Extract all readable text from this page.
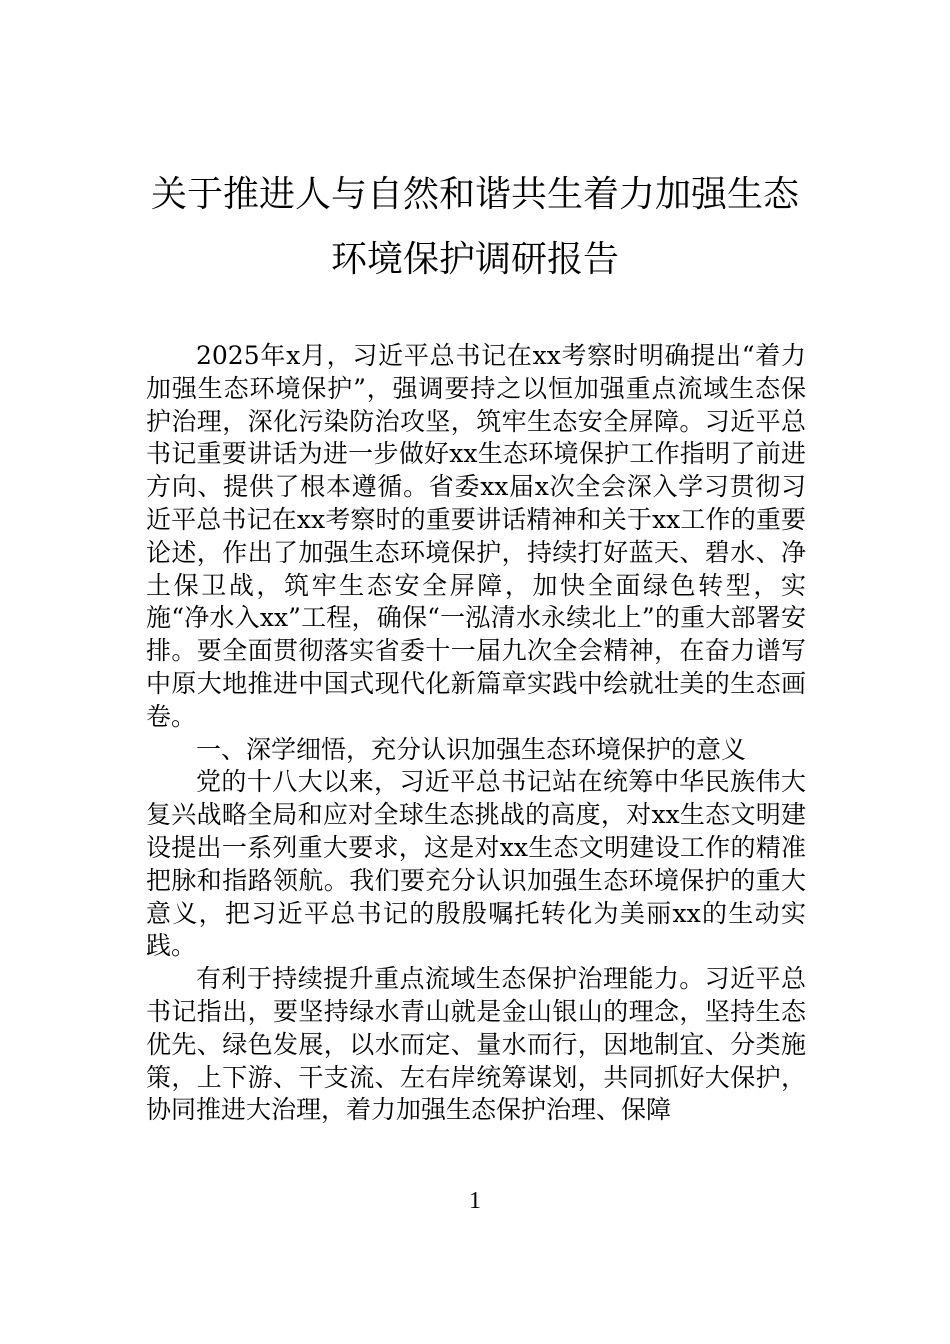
关于推进人与自然和谐共生着力加强生态
环境保护调研报告

2025年x月，习近平总书记在xx考察时明确提出“着力加强生态环境保护”，强调要持之以恒加强重点流域生态保护治理，深化污染防治攻坚，筑牢生态安全屏障。习近平总书记重要讲话为进一步做好xx生态环境保护工作指明了前进方向、提供了根本遵循。省委xx届x次全会深入学习贯彻习近平总书记在xx考察时的重要讲话精神和关于xx工作的重要论述，作出了加强生态环境保护，持续打好蓝天、碧水、净土保卫战，筑牢生态安全屏障，加快全面绿色转型，实施“净水入xx”工程，确保“一泓清水永续北上”的重大部署安排。要全面贯彻落实省委十一届九次全会精神，在奋力谱写中原大地推进中国式现代化新篇章实践中绘就壮美的生态画卷。

一、深学细悟，充分认识加强生态环境保护的意义

党的十八大以来，习近平总书记站在统筹中华民族伟大复兴战略全局和应对全球生态挑战的高度，对xx生态文明建设提出一系列重大要求，这是对xx生态文明建设工作的精准把脉和指路领航。我们要充分认识加强生态环境保护的重大意义，把习近平总书记的殷殷嘱托转化为美丽xx的生动实践。

有利于持续提升重点流域生态保护治理能力。习近平总书记指出，要坚持绿水青山就是金山银山的理念，坚持生态优先、绿色发展，以水而定、量水而行，因地制宜、分类施策，上下游、干支流、左右岸统筹谋划，共同抓好大保护，协同推进大治理，着力加强生态保护治理、保障

1
